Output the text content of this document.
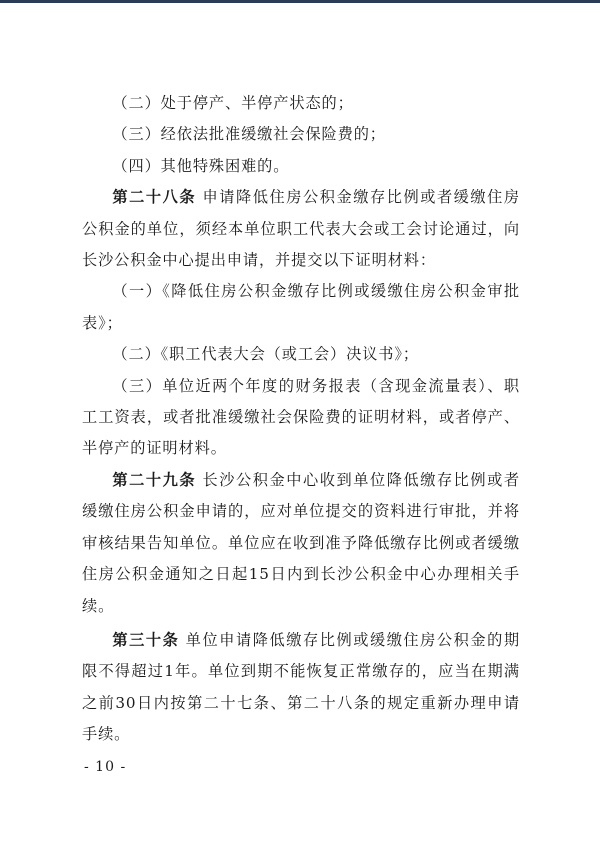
（二）处于停产、半停产状态的；

（三）经依法批准缓缴社会保险费的；

（四）其他特殊困难的。

第二十八条 申请降低住房公积金缴存比例或者缓缴住房公积金的单位，须经本单位职工代表大会或工会讨论通过，向长沙公积金中心提出申请，并提交以下证明材料：

（一）《降低住房公积金缴存比例或缓缴住房公积金审批表》；

（二）《职工代表大会（或工会）决议书》；

（三）单位近两个年度的财务报表（含现金流量表）、职工工资表，或者批准缓缴社会保险费的证明材料，或者停产、半停产的证明材料。

第二十九条 长沙公积金中心收到单位降低缴存比例或者缓缴住房公积金申请的，应对单位提交的资料进行审批，并将审核结果告知单位。单位应在收到准予降低缴存比例或者缓缴住房公积金通知之日起15日内到长沙公积金中心办理相关手续。

第三十条 单位申请降低缴存比例或缓缴住房公积金的期限不得超过1年。单位到期不能恢复正常缴存的，应当在期满之前30日内按第二十七条、第二十八条的规定重新办理申请手续。

- 10 -
